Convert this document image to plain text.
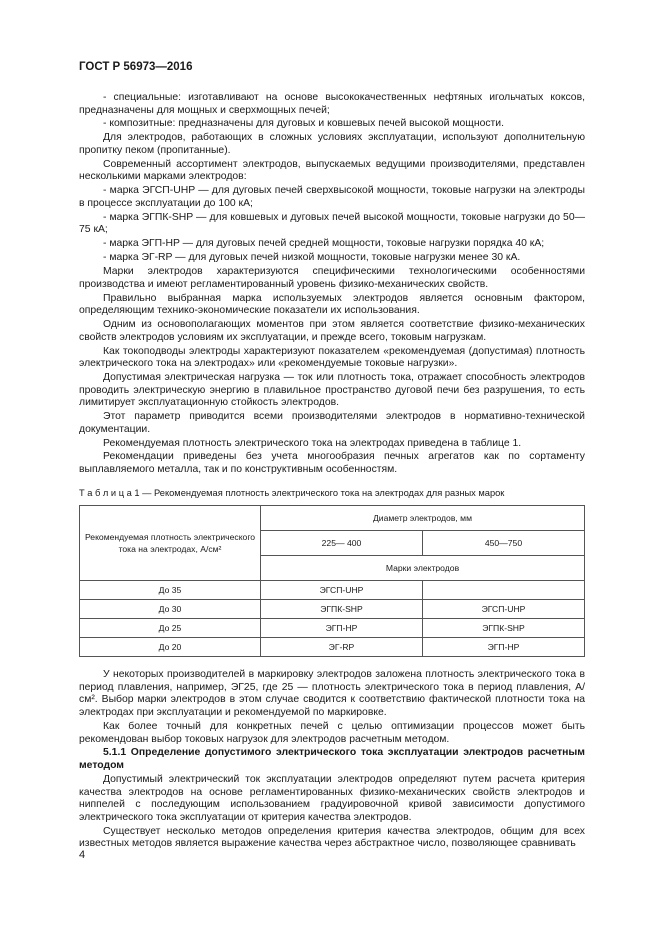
ГОСТ Р 56973—2016

- специальные: изготавливают на основе высококачественных нефтяных игольчатых коксов, предназначены для мощных и сверхмощных печей;

- композитные: предназначены для дуговых и ковшевых печей высокой мощности.

Для электродов, работающих в сложных условиях эксплуатации, используют дополнительную пропитку пеком (пропитанные).

Современный ассортимент электродов, выпускаемых ведущими производителями, представлен несколькими марками электродов:

- марка ЭГСП-UHP — для дуговых печей сверхвысокой мощности, токовые нагрузки на электроды в процессе эксплуатации до 100 кА;

- марка ЭГПК-SHP — для ковшевых и дуговых печей высокой мощности, токовые нагрузки до 50—75 кА;

- марка ЭГП-HP — для дуговых печей средней мощности, токовые нагрузки порядка 40 кА;

- марка ЭГ-RP — для дуговых печей низкой мощности, токовые нагрузки менее 30 кА.

Марки электродов характеризуются специфическими технологическими особенностями производства и имеют регламентированный уровень физико-механических свойств.

Правильно выбранная марка используемых электродов является основным фактором, определяющим технико-экономические показатели их использования.

Одним из основополагающих моментов при этом является соответствие физико-механических свойств электродов условиям их эксплуатации, и прежде всего, токовым нагрузкам.

Как токоподводы электроды характеризуют показателем «рекомендуемая (допустимая) плотность электрического тока на электродах» или «рекомендуемые токовые нагрузки».

Допустимая электрическая нагрузка — ток или плотность тока, отражает способность электродов проводить электрическую энергию в плавильное пространство дуговой печи без разрушения, то есть лимитирует эксплуатационную стойкость электродов.

Этот параметр приводится всеми производителями электродов в нормативно-технической документации.

Рекомендуемая плотность электрического тока на электродах приведена в таблице 1.

Рекомендации приведены без учета многообразия печных агрегатов как по сортаменту выплавляемого металла, так и по конструктивным особенностям.

Т а б л и ц а 1 — Рекомендуемая плотность электрического тока на электродах для разных марок

Рекомендуемая плотность электрического тока на электродах, А/см²	Диаметр электродов, мм	
	225— 400	450—750
	Марки электродов	
До 35	ЭГСП-UHP	
До 30	ЭГПК-SHP	ЭГСП-UHP
До 25	ЭГП-HP	ЭГПК-SHP
До 20	ЭГ-RP	ЭГП-HP

У некоторых производителей в маркировку электродов заложена плотность электрического тока в период плавления, например, ЭГ25, где 25 — плотность электрического тока в период плавления, А/см². Выбор марки электродов в этом случае сводится к соответствию фактической плотности тока на электродах при эксплуатации и рекомендуемой по маркировке.

Как более точный для конкретных печей с целью оптимизации процессов может быть рекомендован выбор токовых нагрузок для электродов расчетным методом.

5.1.1 Определение допустимого электрического тока эксплуатации электродов расчетным методом

Допустимый электрический ток эксплуатации электродов определяют путем расчета критерия качества электродов на основе регламентированных физико-механических свойств электродов и ниппелей с последующим использованием градуировочной кривой зависимости допустимого электрического тока эксплуатации от критерия качества электродов.

Существует несколько методов определения критерия качества электродов, общим для всех известных методов является выражение качества через абстрактное число, позволяющее сравнивать

4
